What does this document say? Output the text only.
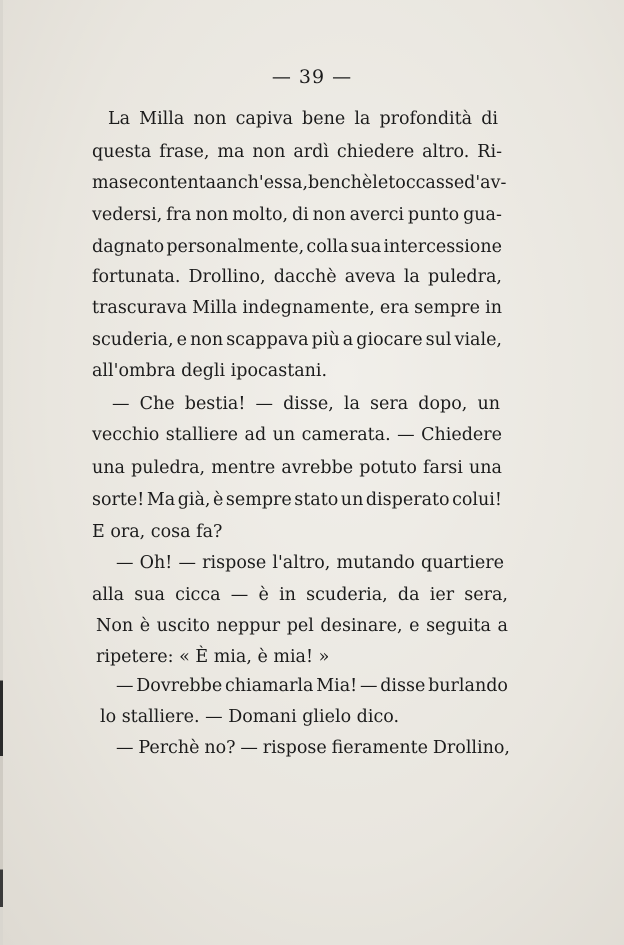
— 39 —
La Milla non capiva bene la profondità di
questa frase, ma non ardì chiedere altro. Ri-
mase contenta anch'essa, benchè le toccasse d'av-
vedersi, fra non molto, di non averci punto gua-
dagnato personalmente, colla sua intercessione
fortunata. Drollino, dacchè aveva la puledra,
trascurava Milla indegnamente, era sempre in
scuderia, e non scappava più a giocare sul viale,
all'ombra degli ipocastani.
— Che bestia! — disse, la sera dopo, un
vecchio stalliere ad un camerata. — Chiedere
una puledra, mentre avrebbe potuto farsi una
sorte! Ma già, è sempre stato un disperato colui!
E ora, cosa fa?
— Oh! — rispose l'altro, mutando quartiere
alla sua cicca — è in scuderia, da ier sera,
Non è uscito neppur pel desinare, e seguita a
ripetere: « È mia, è mia! »
— Dovrebbe chiamarla Mia! — disse burlando
lo stalliere. — Domani glielo dico.
— Perchè no? — rispose fieramente Drollino,
